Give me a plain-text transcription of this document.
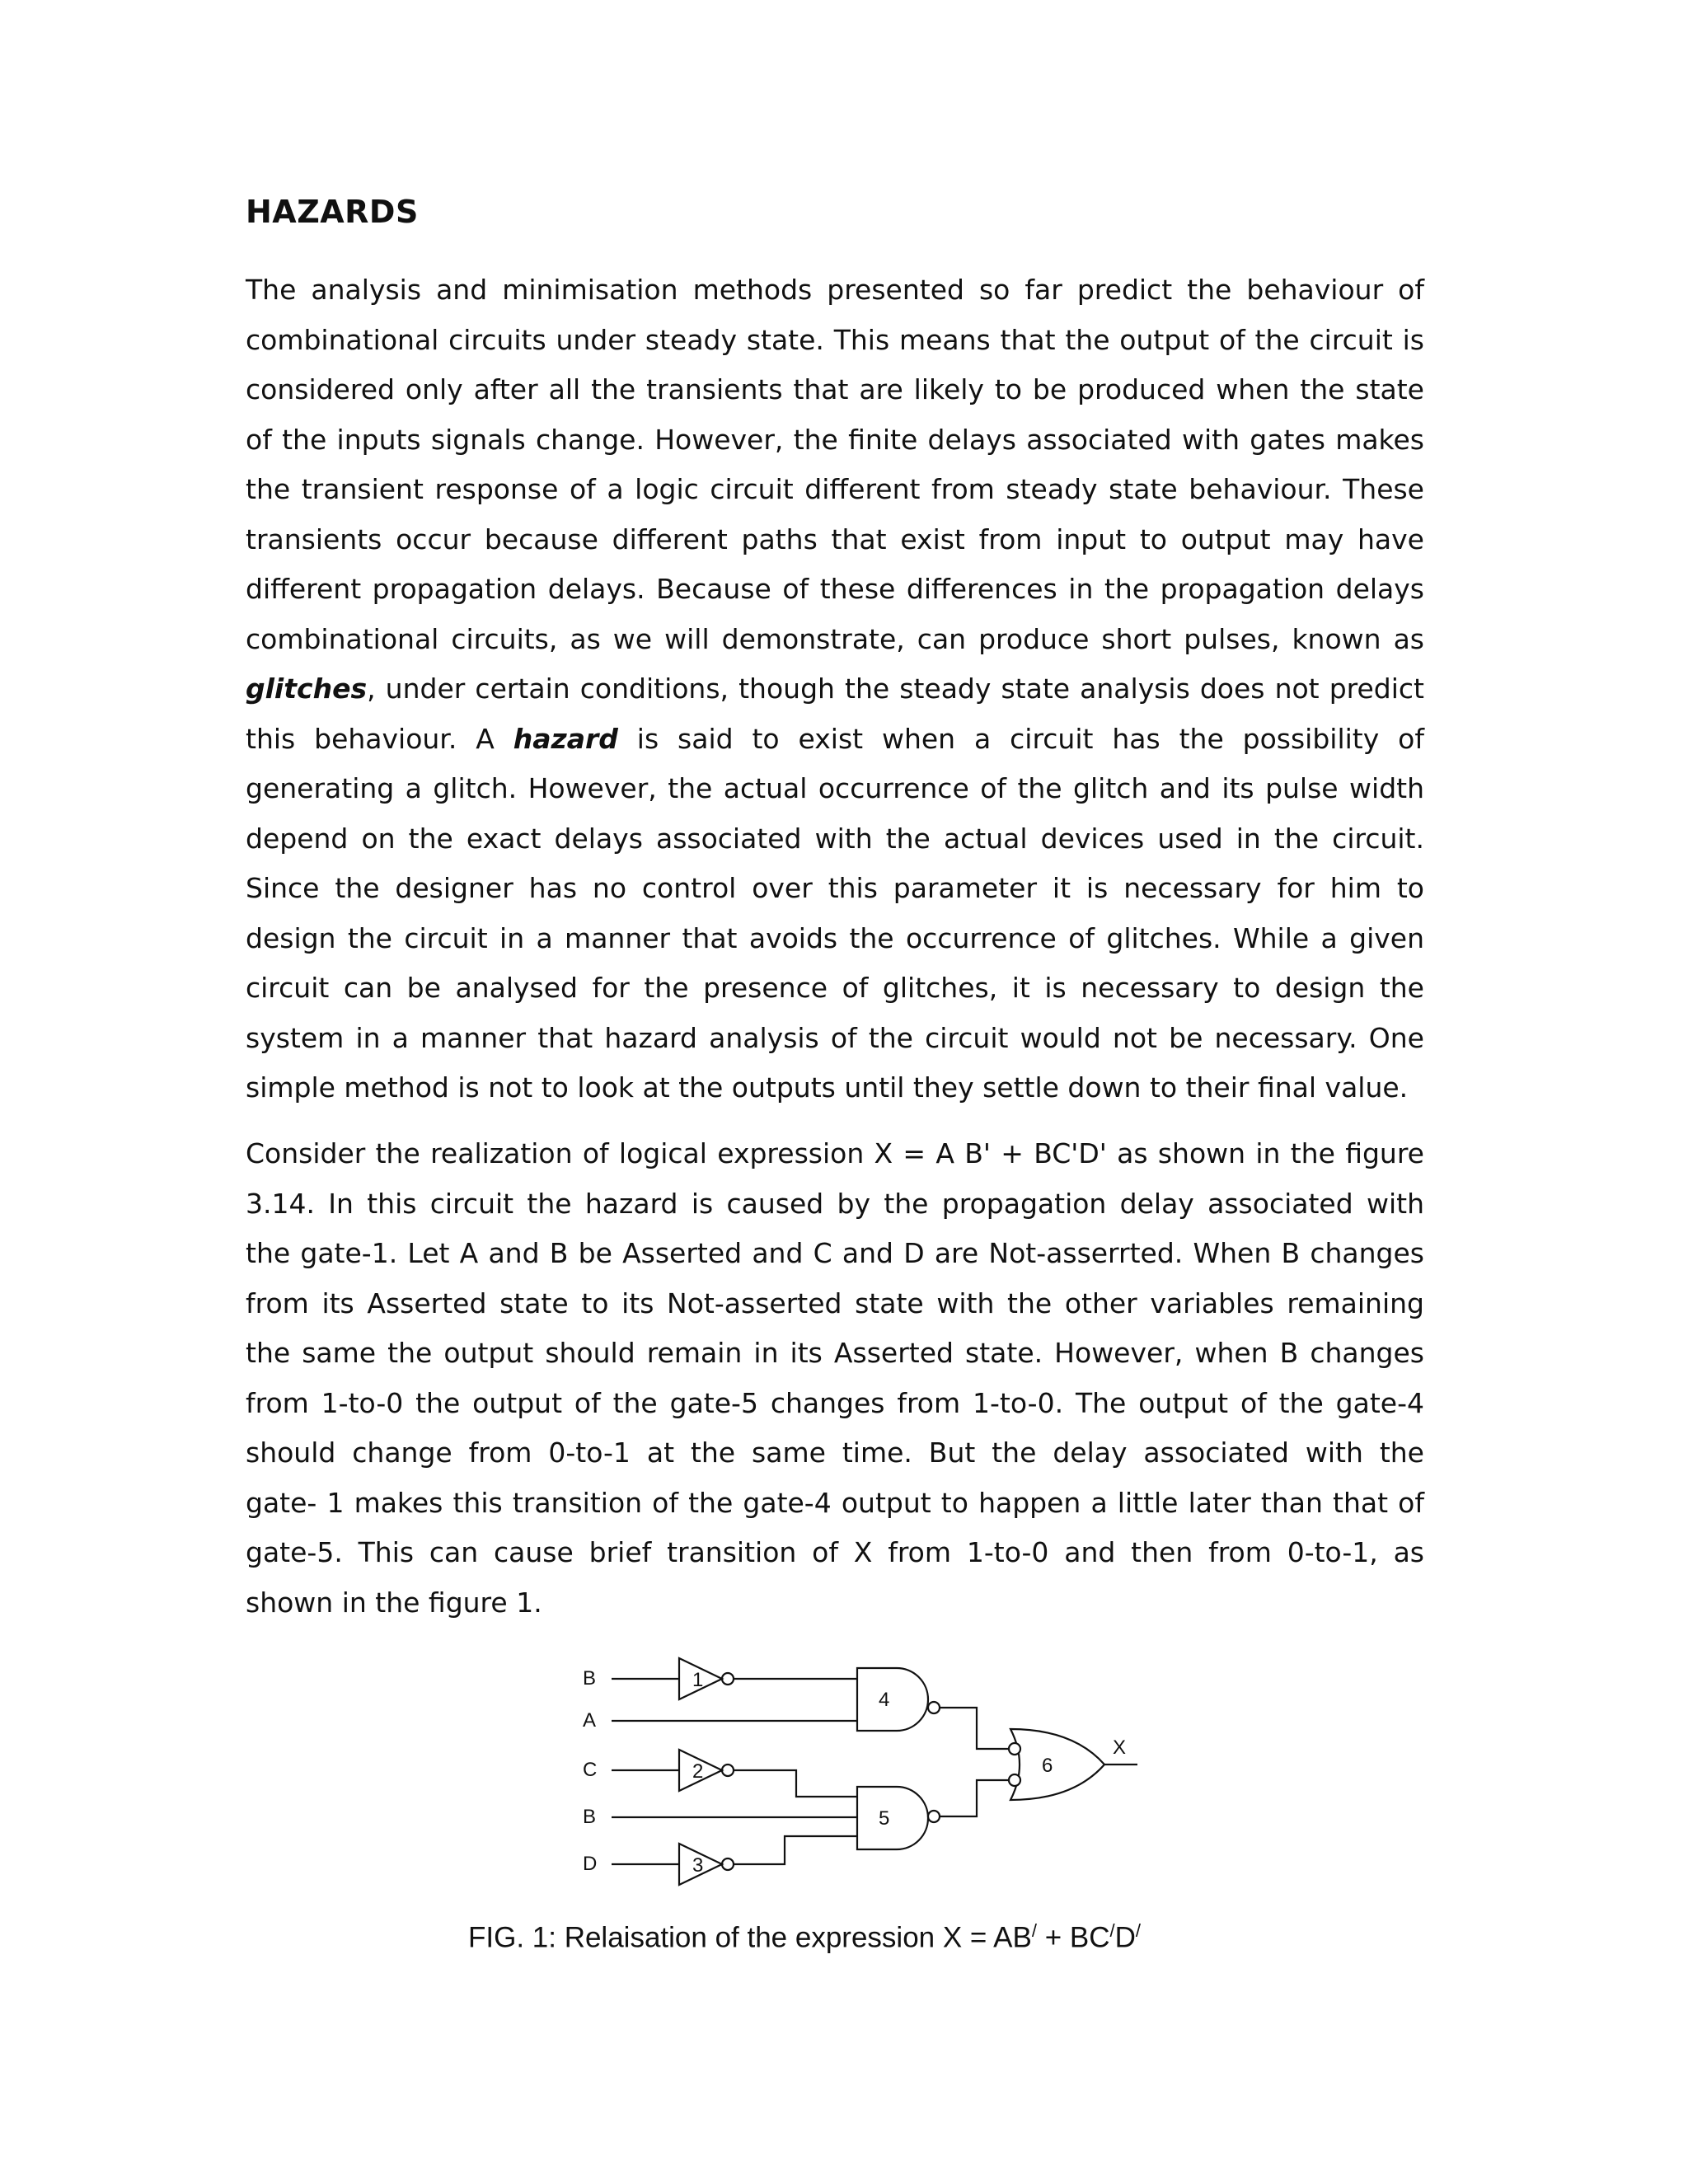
HAZARDS
The analysis and minimisation methods presented so far predict the behaviour of
combinational circuits under steady state. This means that the output of the circuit is
considered only after all the transients that are likely to be produced when the state
of the inputs signals change. However, the finite delays associated with gates makes
the transient response of a logic circuit different from steady state behaviour. These
transients occur because different paths that exist from input to output may have
different propagation delays. Because of these differences in the propagation delays
combinational circuits, as we will demonstrate, can produce short pulses, known as
glitches, under certain conditions, though the steady state analysis does not predict
this behaviour. A hazard is said to exist when a circuit has the possibility of
generating a glitch. However, the actual occurrence of the glitch and its pulse width
depend on the exact delays associated with the actual devices used in the circuit.
Since the designer has no control over this parameter it is necessary for him to
design the circuit in a manner that avoids the occurrence of glitches. While a given
circuit can be analysed for the presence of glitches, it is necessary to design the
system in a manner that hazard analysis of the circuit would not be necessary. One
simple method is not to look at the outputs until they settle down to their final value.
Consider the realization of logical expression X = A B' + BC'D' as shown in the figure
3.14. In this circuit the hazard is caused by the propagation delay associated with
the gate-1. Let A and B be Asserted and C and D are Not-asserrted. When B changes
from its Asserted state to its Not-asserted state with the other variables remaining
the same the output should remain in its Asserted state. However, when B changes
from 1-to-0 the output of the gate-5 changes from 1-to-0. The output of the gate-4
should change from 0-to-1 at the same time. But the delay associated with the
gate- 1 makes this transition of the gate-4 output to happen a little later than that of
gate-5. This can cause brief transition of X from 1-to-0 and then from 0-to-1, as
shown in the figure 1.
B
A
C
B
D
1
2
3
4
5
6
X
FIG. 1: Relaisation of the expression X = AB/ + BC/D/
